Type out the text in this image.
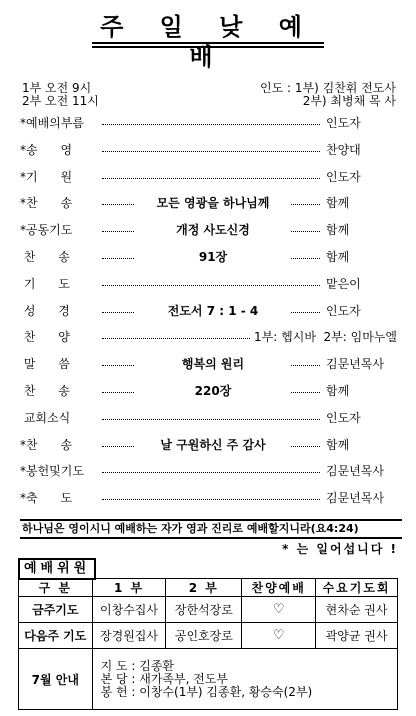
주 일 낮 예 배
1부 오전 9시
2부 오전 11시
인도 : 1부) 김찬휘 전도사
2부) 최병채 목 사
*예배의부름	인도자
*송      영	찬양대
*기      원	인도자
*찬      송	모든 영광을 하나님께	함께
*공동기도	개정 사도신경	함께
찬      송	91장	함께
기      도	맡은이
성      경	전도서 7 : 1 - 4	인도자
찬      양	1부: 헵시바  2부: 임마누엘
말      씀	행복의 원리	김문년목사
찬      송	220장	함께
교회소식	인도자
*찬      송	날 구원하신 주 감사	함께
*봉헌및기도	김문년목사
*축      도	김문년목사
하나님은 영이시니 예배하는 자가 영과 진리로 예배할지니라(요4:24)
* 는 일어섭니다 !
예배위원
구 분	1 부	2 부	찬양예배	수요기도회
금주기도	이창수집사	장한석장로	♡	현차순 권사
다음주 기도	장경원집사	공인호장로	♡	곽양균 권사
7월 안내	지 도 : 김종환
본 당 : 새가족부, 전도부
봉 헌 : 이창수(1부) 김종환, 황승숙(2부)			
